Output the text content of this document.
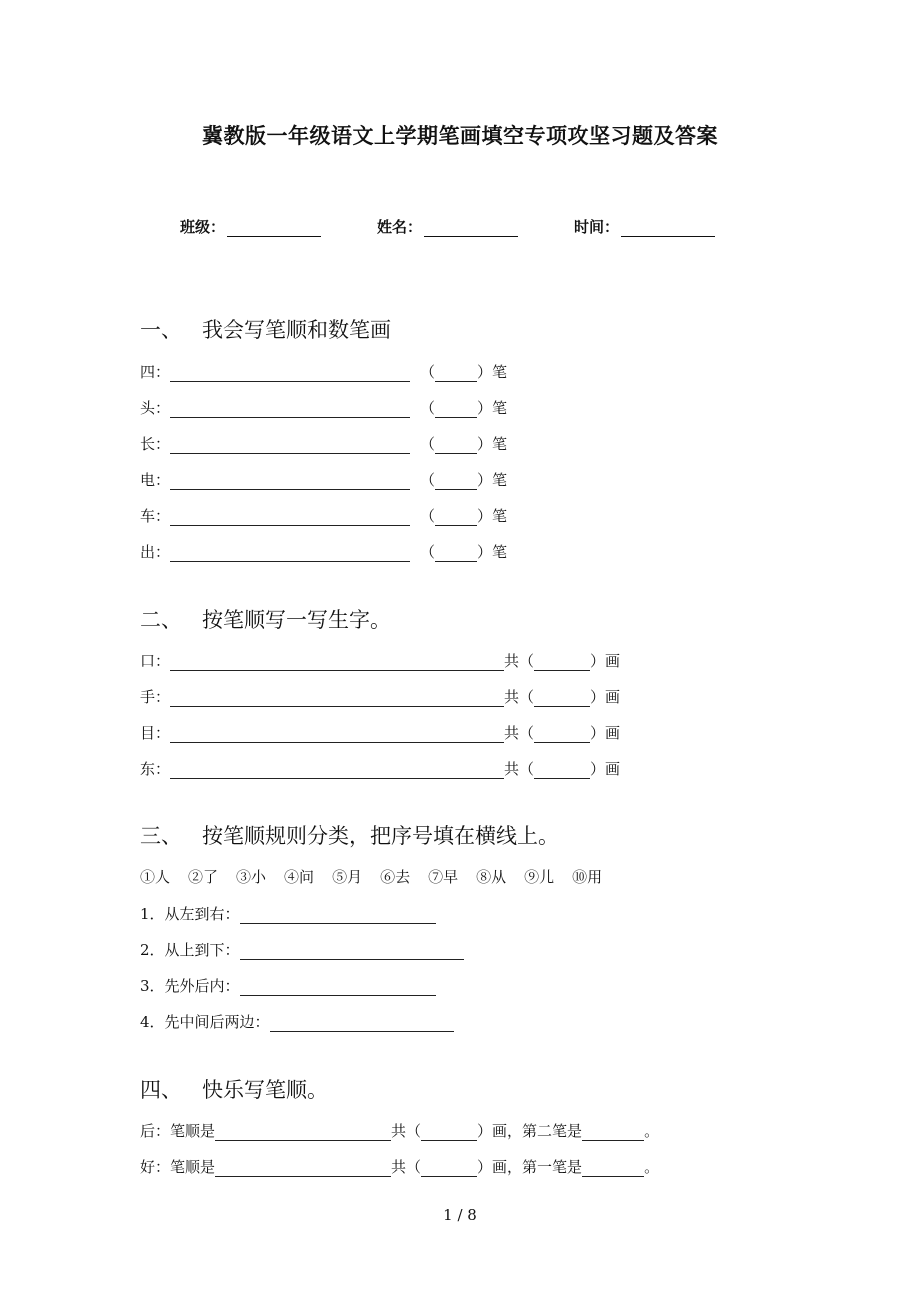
冀教版一年级语文上学期笔画填空专项攻坚习题及答案
班级：	姓名：	时间：
一、 我会写笔顺和数笔画
四：	（	）笔
头：	（	）笔
长：	（	）笔
电：	（	）笔
车：	（	）笔
出：	（	）笔
二、 按笔顺写一写生字。
口：	共（	）画
手：	共（	）画
目：	共（	）画
东：	共（	）画
三、 按笔顺规则分类，把序号填在横线上。
①人 ②了 ③小 ④问 ⑤月 ⑥去 ⑦早 ⑧从 ⑨儿 ⑩用
1．从左到右：
2．从上到下：
3．先外后内：
4．先中间后两边：
四、 快乐写笔顺。
后： 笔顺是	共（	）画，第二笔是	。
好： 笔顺是	共（	）画，第一笔是	。
1 / 8
